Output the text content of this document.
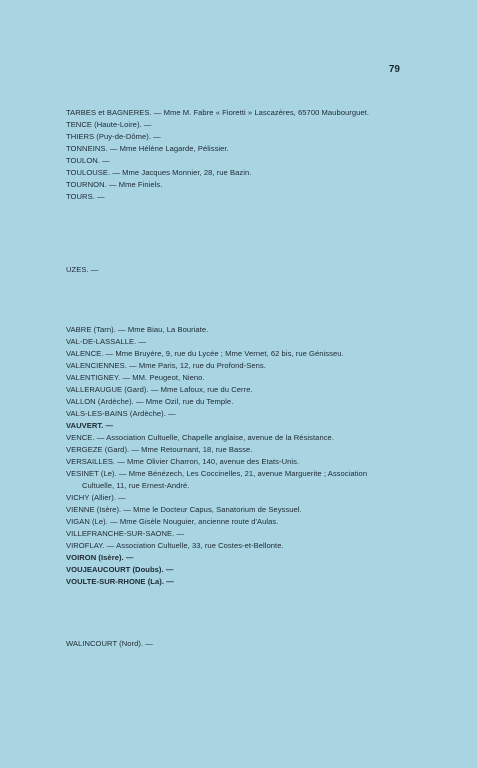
79
TARBES et BAGNERES. — Mme M. Fabre « Fioretti » Lascazères, 65700 Maubourguet.
TENCE (Haute-Loire). —
THIERS (Puy-de-Dôme). —
TONNEINS. — Mme Hélène Lagarde, Pélissier.
TOULON. —
TOULOUSE. — Mme Jacques Monnier, 28, rue Bazin.
TOURNON. — Mme Finiels.
TOURS. —
UZES. —
VABRE (Tarn). — Mme Biau, La Bouriate.
VAL-DE-LASSALLE. —
VALENCE. — Mme Bruyère, 9, rue du Lycée ; Mme Vernet, 62 bis, rue Génisseu.
VALENCIENNES. — Mme Paris, 12, rue du Profond-Sens.
VALENTIGNEY. — MM. Peugeot, Nieno.
VALLERAUGUE (Gard). — Mme Lafoux, rue du Cerre.
VALLON (Ardèche). — Mme Ozil, rue du Temple.
VALS-LES-BAINS (Ardèche). —
VAUVERT. —
VENCE. — Association Cultuelle, Chapelle anglaise, avenue de la Résistance.
VERGEZE (Gard). — Mme Retournant, 18, rue Basse.
VERSAILLES. — Mme Olivier Charron, 140, avenue des Etats-Unis.
VESINET (Le). — Mme Bénézech, Les Coccinelles, 21, avenue Marguerite ; Association
Cultuelle, 11, rue Ernest-André.
VICHY (Allier). —
VIENNE (Isère). — Mme le Docteur Capus, Sanatorium de Seyssuel.
VIGAN (Le). — Mme Gisèle Nouguier, ancienne route d'Aulas.
VILLEFRANCHE-SUR-SAONE. —
VIROFLAY. — Association Cultuelle, 33, rue Costes-et-Bellonte.
VOIRON (Isère). —
VOUJEAUCOURT (Doubs). —
VOULTE-SUR-RHONE (La). —
WALINCOURT (Nord). —
